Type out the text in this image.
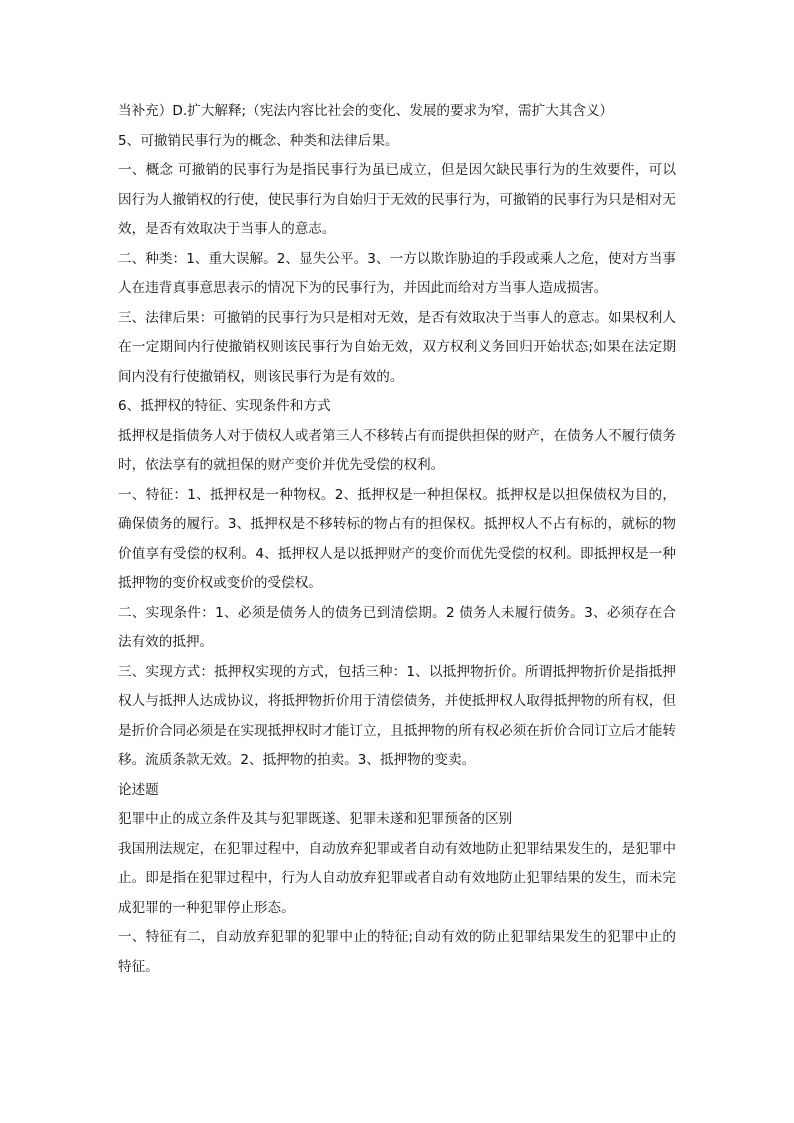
当补充）D.扩大解释;（宪法内容比社会的变化、发展的要求为窄，需扩大其含义）

5、可撤销民事行为的概念、种类和法律后果。

一、概念 可撤销的民事行为是指民事行为虽已成立，但是因欠缺民事行为的生效要件，可以因行为人撤销权的行使，使民事行为自始归于无效的民事行为，可撤销的民事行为只是相对无效，是否有效取决于当事人的意志。

二、种类：1、重大误解。2、显失公平。3、一方以欺诈胁迫的手段或乘人之危，使对方当事人在违背真事意思表示的情况下为的民事行为，并因此而给对方当事人造成损害。

三、法律后果：可撤销的民事行为只是相对无效，是否有效取决于当事人的意志。如果权利人在一定期间内行使撤销权则该民事行为自始无效，双方权利义务回归开始状态;如果在法定期间内没有行使撤销权，则该民事行为是有效的。

6、抵押权的特征、实现条件和方式

抵押权是指债务人对于债权人或者第三人不移转占有而提供担保的财产，在债务人不履行债务时，依法享有的就担保的财产变价并优先受偿的权利。

一、特征：1、抵押权是一种物权。2、抵押权是一种担保权。抵押权是以担保债权为目的，确保债务的履行。3、抵押权是不移转标的物占有的担保权。抵押权人不占有标的，就标的物价值享有受偿的权利。4、抵押权人是以抵押财产的变价而优先受偿的权利。即抵押权是一种抵押物的变价权或变价的受偿权。

二、实现条件：1、必须是债务人的债务已到清偿期。2 债务人未履行债务。3、必须存在合法有效的抵押。

三、实现方式：抵押权实现的方式，包括三种：1、以抵押物折价。所谓抵押物折价是指抵押权人与抵押人达成协议，将抵押物折价用于清偿债务，并使抵押权人取得抵押物的所有权，但是折价合同必须是在实现抵押权时才能订立，且抵押物的所有权必须在折价合同订立后才能转移。流质条款无效。2、抵押物的拍卖。3、抵押物的变卖。

论述题

犯罪中止的成立条件及其与犯罪既遂、犯罪未遂和犯罪预备的区别

我国刑法规定，在犯罪过程中，自动放弃犯罪或者自动有效地防止犯罪结果发生的，是犯罪中止。即是指在犯罪过程中，行为人自动放弃犯罪或者自动有效地防止犯罪结果的发生，而未完成犯罪的一种犯罪停止形态。

一、特征有二，自动放弃犯罪的犯罪中止的特征;自动有效的防止犯罪结果发生的犯罪中止的特征。
